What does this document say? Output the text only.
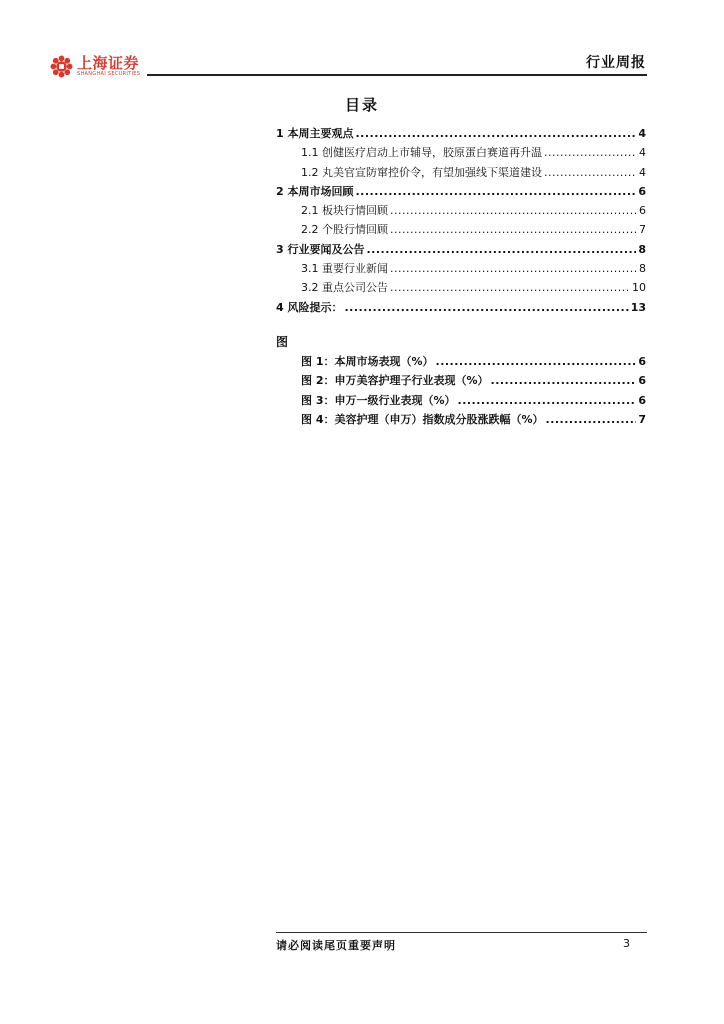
上海证券
SHANGHAI SECURITIES
行业周报
目录
1 本周主要观点 .....	4
1.1 创健医疗启动上市辅导，胶原蛋白赛道再升温 .....	4
1.2 丸美官宣防窜控价令，有望加强线下渠道建设 .....	4
2 本周市场回顾 .....	6
2.1 板块行情回顾 .....	6
2.2 个股行情回顾 .....	7
3 行业要闻及公告 .....	8
3.1 重要行业新闻 .....	8
3.2 重点公司公告 .....	10
4 风险提示： .....	13
图
图 1：本周市场表现（%） .....	6
图 2：申万美容护理子行业表现（%） .....	6
图 3：申万一级行业表现（%） .....	6
图 4：美容护理（申万）指数成分股涨跌幅（%） .....	7
请必阅读尾页重要声明	3
